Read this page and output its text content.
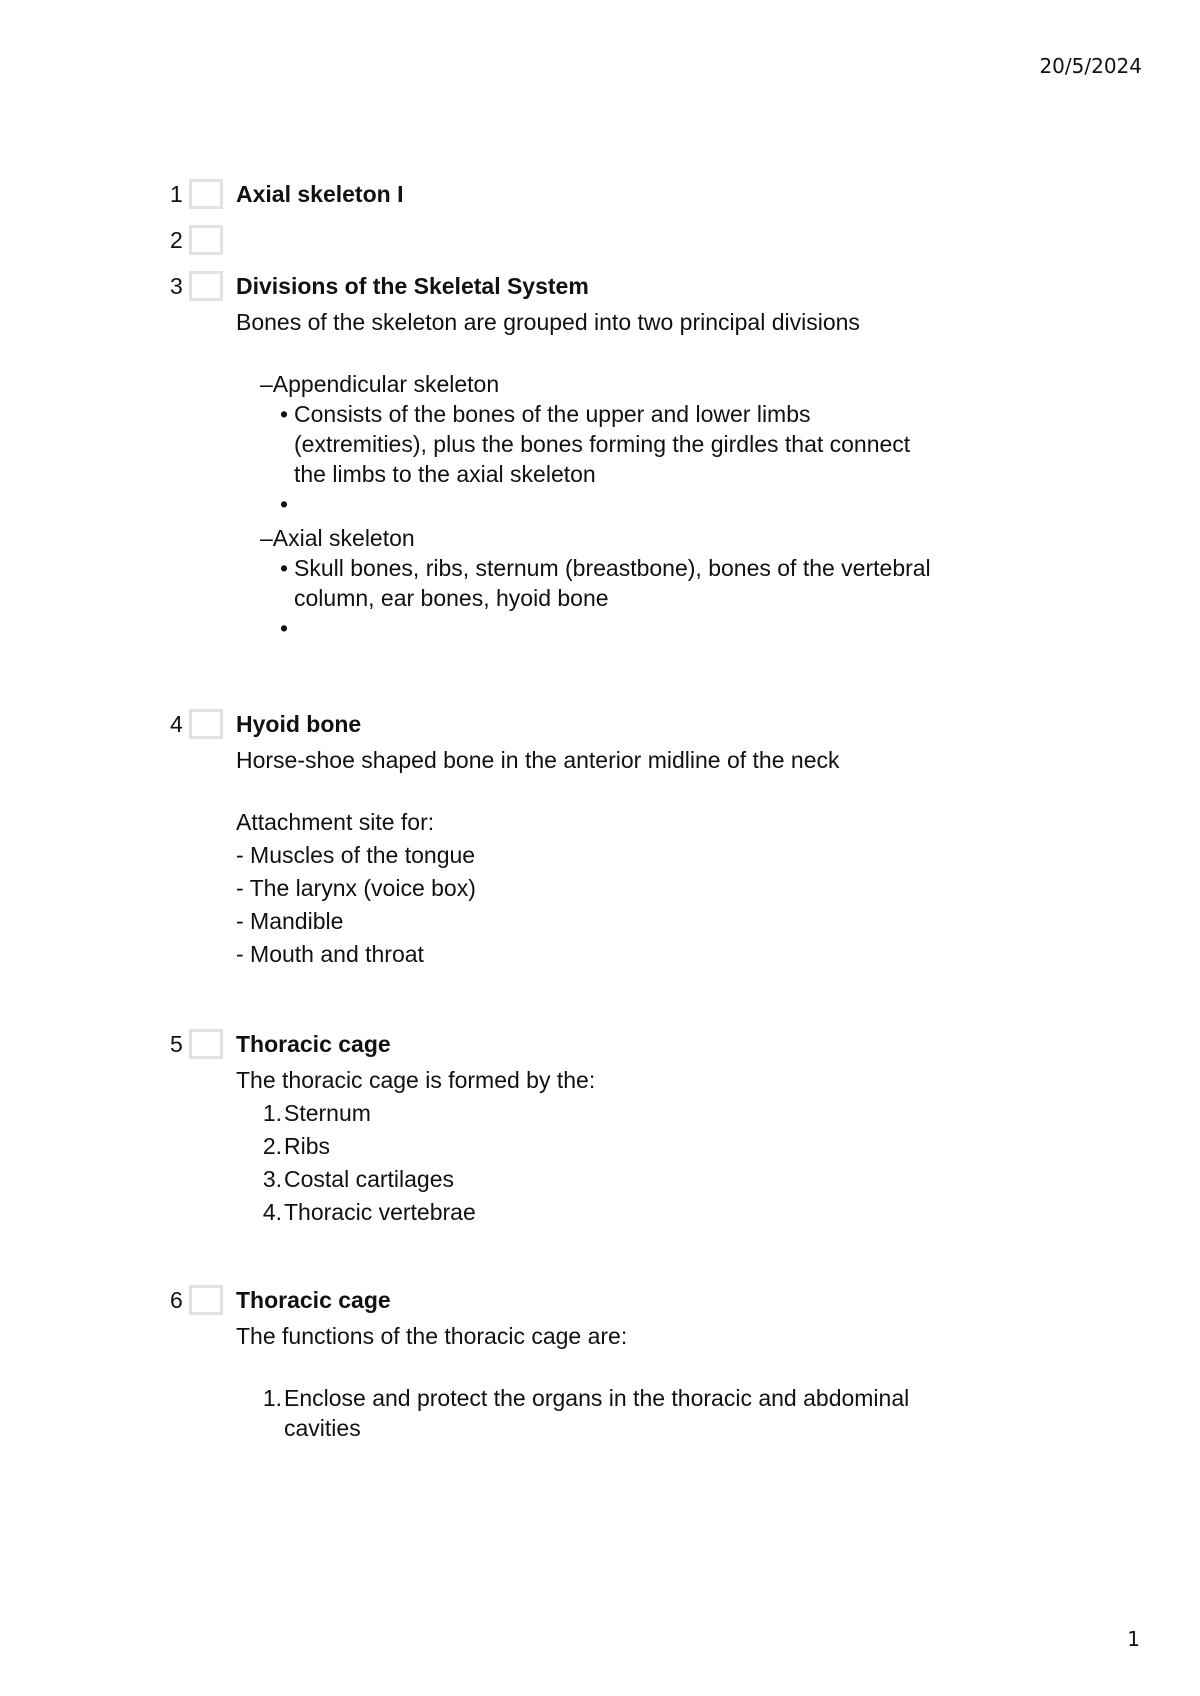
20/5/2024
1 Axial skeleton I
2
3 Divisions of the Skeletal System
Bones of the skeleton are grouped into two principal divisions
–Appendicular skeleton
• Consists of the bones of the upper and lower limbs
(extremities), plus the bones forming the girdles that connect
the limbs to the axial skeleton
•
–Axial skeleton
• Skull bones, ribs, sternum (breastbone), bones of the vertebral
column, ear bones, hyoid bone
•
4 Hyoid bone
Horse-shoe shaped bone in the anterior midline of the neck
Attachment site for:
- Muscles of the tongue
- The larynx (voice box)
- Mandible
- Mouth and throat
5 Thoracic cage
The thoracic cage is formed by the:
1.Sternum
2.Ribs
3.Costal cartilages
4.Thoracic vertebrae
6 Thoracic cage
The functions of the thoracic cage are:
1.Enclose and protect the organs in the thoracic and abdominal
cavities
1
